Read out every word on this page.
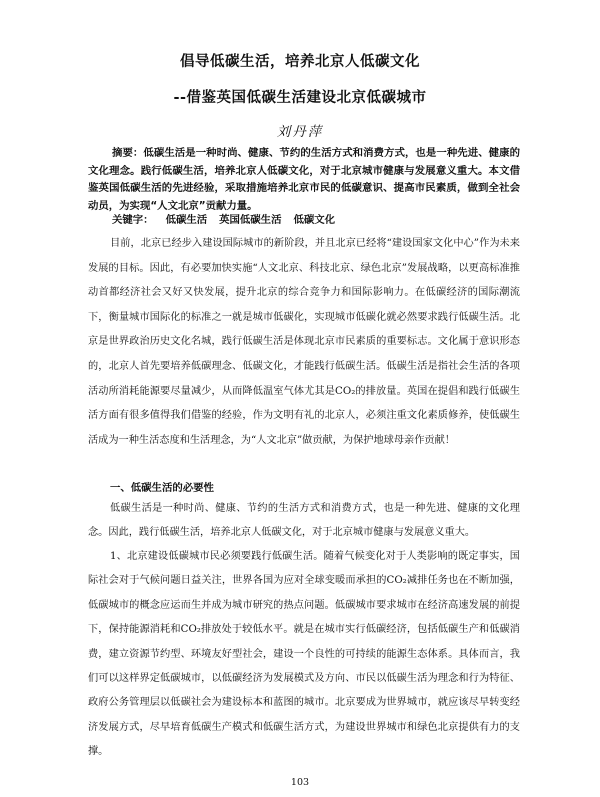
倡导低碳生活，培养北京人低碳文化
--借鉴英国低碳生活建设北京低碳城市
刘丹萍
摘要：低碳生活是一种时尚、健康、节约的生活方式和消费方式，也是一种先进、健康的文化理念。践行低碳生活，培养北京人低碳文化，对于北京城市健康与发展意义重大。本文借鉴英国低碳生活的先进经验，采取措施培养北京市民的低碳意识、提高市民素质，做到全社会动员，为实现“人文北京”贡献力量。
关键字： 低碳生活 英国低碳生活 低碳文化
目前，北京已经步入建设国际城市的新阶段，并且北京已经将“建设国家文化中心”作为未来发展的目标。因此，有必要加快实施“人文北京、科技北京、绿色北京”发展战略，以更高标准推动首都经济社会又好又快发展，提升北京的综合竞争力和国际影响力。在低碳经济的国际潮流下，衡量城市国际化的标准之一就是城市低碳化，实现城市低碳化就必然要求践行低碳生活。北京是世界政治历史文化名城，践行低碳生活是体现北京市民素质的重要标志。文化属于意识形态的，北京人首先要培养低碳理念、低碳文化，才能践行低碳生活。低碳生活是指社会生活的各项活动所消耗能源要尽量减少，从而降低温室气体尤其是CO₂的排放量。英国在提倡和践行低碳生活方面有很多值得我们借鉴的经验，作为文明有礼的北京人，必须注重文化素质修养，使低碳生活成为一种生活态度和生活理念，为“人文北京”做贡献，为保护地球母亲作贡献！
一、低碳生活的必要性
低碳生活是一种时尚、健康、节约的生活方式和消费方式，也是一种先进、健康的文化理念。因此，践行低碳生活，培养北京人低碳文化，对于北京城市健康与发展意义重大。
1、北京建设低碳城市民必须要践行低碳生活。随着气候变化对于人类影响的既定事实，国际社会对于气候问题日益关注，世界各国为应对全球变暖而承担的CO₂减排任务也在不断加强，低碳城市的概念应运而生并成为城市研究的热点问题。低碳城市要求城市在经济高速发展的前提下，保持能源消耗和CO₂排放处于较低水平。就是在城市实行低碳经济，包括低碳生产和低碳消费，建立资源节约型、环境友好型社会，建设一个良性的可持续的能源生态体系。具体而言，我们可以这样界定低碳城市，以低碳经济为发展模式及方向、市民以低碳生活为理念和行为特征、政府公务管理层以低碳社会为建设标本和蓝图的城市。北京要成为世界城市，就应该尽早转变经济发展方式，尽早培育低碳生产模式和低碳生活方式，为建设世界城市和绿色北京提供有力的支撑。
103
